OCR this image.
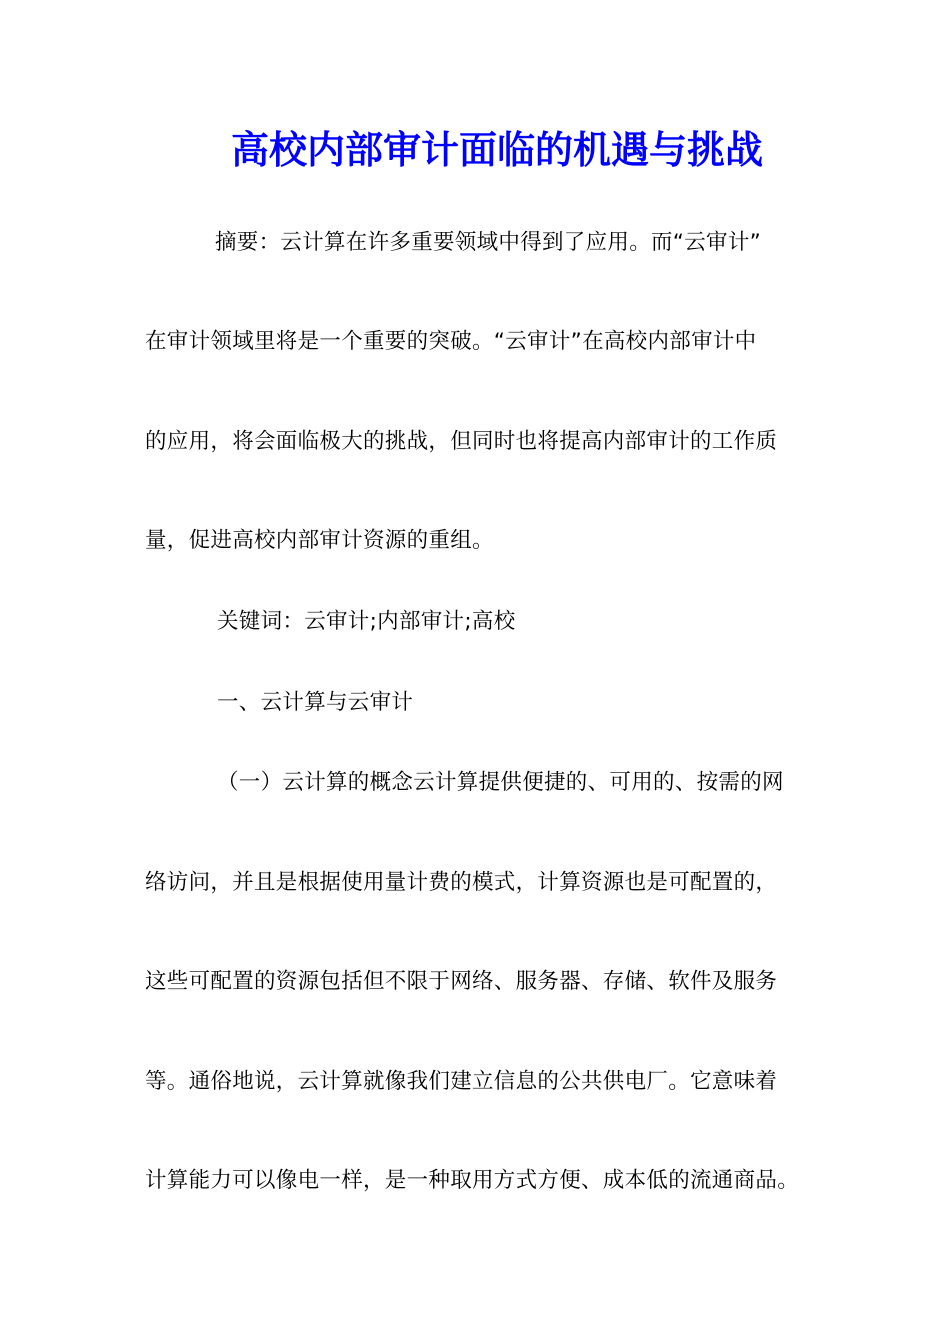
高校内部审计面临的机遇与挑战
摘要：云计算在许多重要领域中得到了应用。而“云审计”
在审计领域里将是一个重要的突破。“云审计”在高校内部审计中
的应用，将会面临极大的挑战，但同时也将提高内部审计的工作质
量，促进高校内部审计资源的重组。
关键词：云审计;内部审计;高校
一、云计算与云审计
（一）云计算的概念云计算提供便捷的、可用的、按需的网
络访问，并且是根据使用量计费的模式，计算资源也是可配置的，
这些可配置的资源包括但不限于网络、服务器、存储、软件及服务
等。通俗地说，云计算就像我们建立信息的公共供电厂。它意味着
计算能力可以像电一样，是一种取用方式方便、成本低的流通商品。
